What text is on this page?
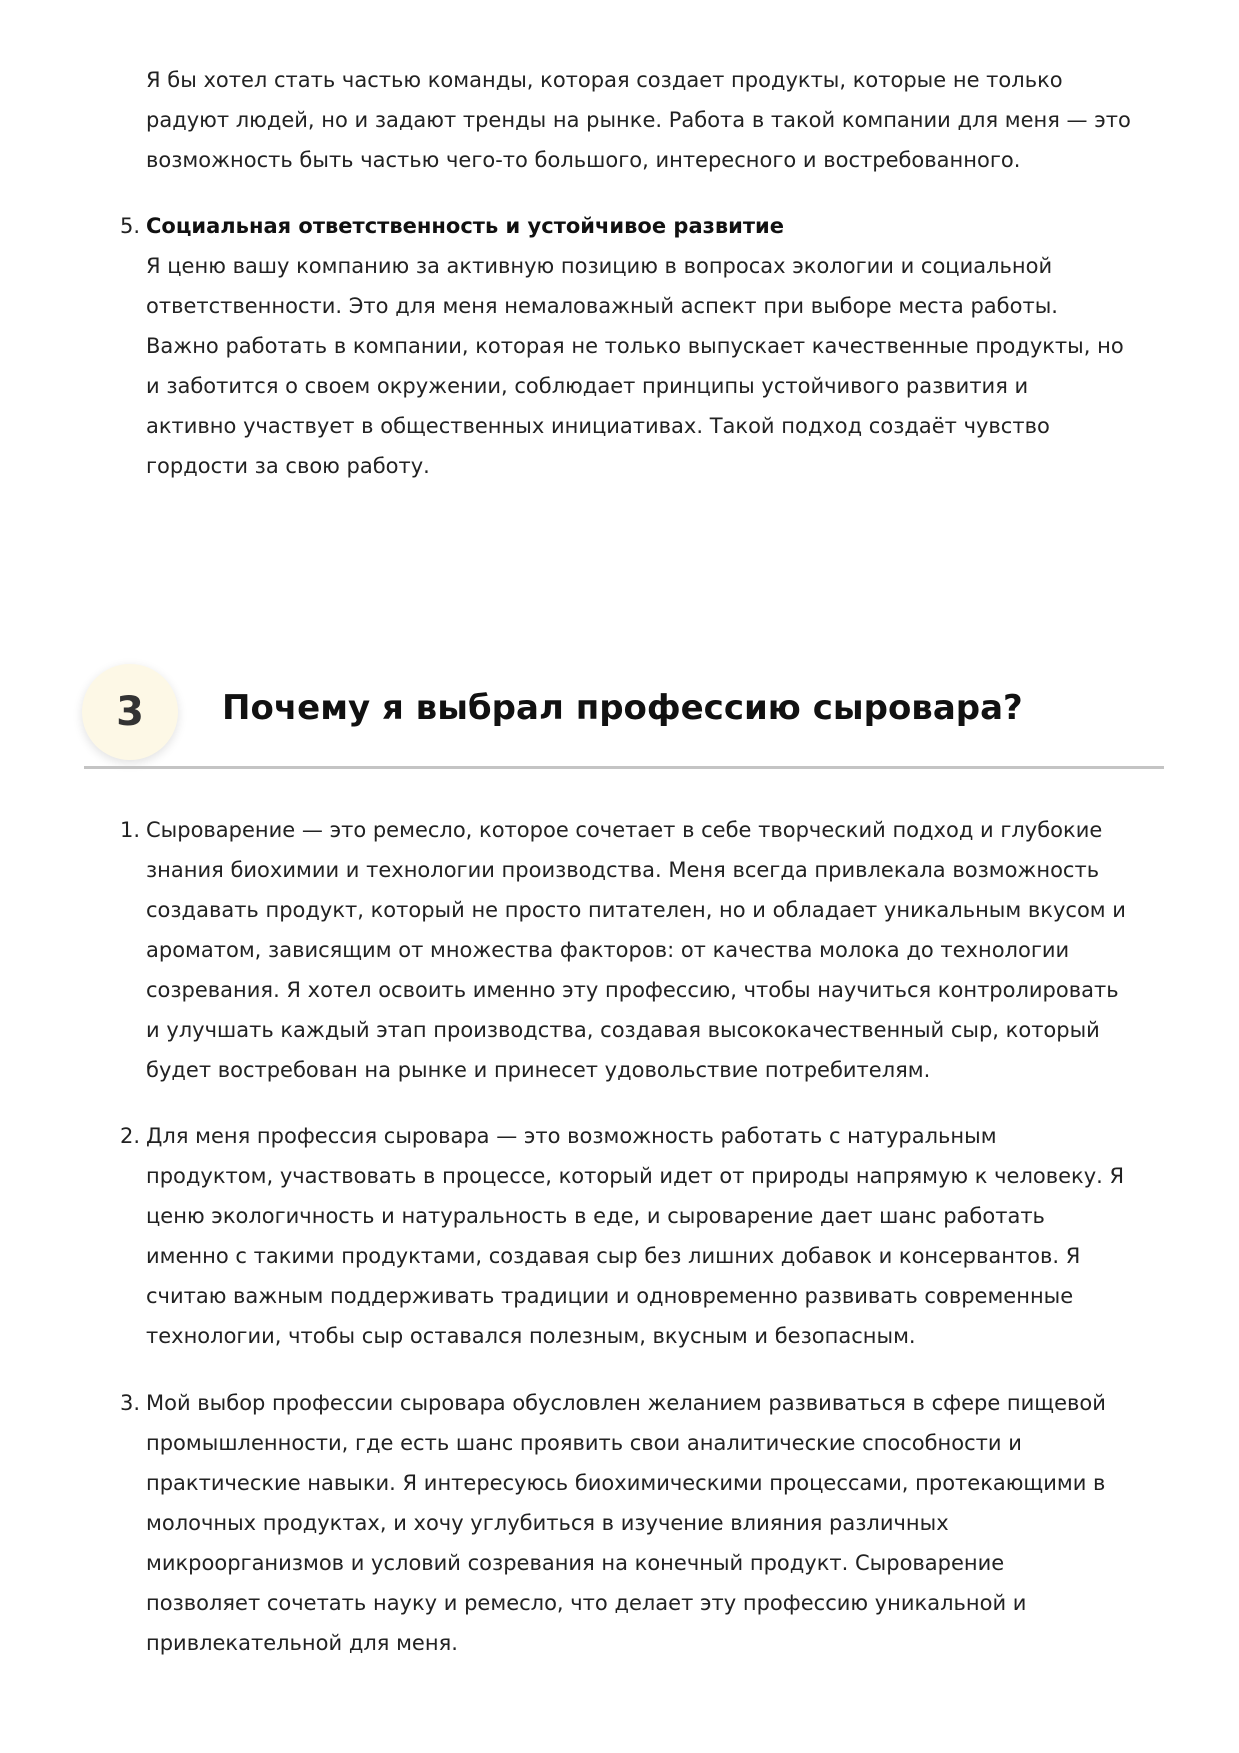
Я бы хотел стать частью команды, которая создает продукты, которые не только
радуют людей, но и задают тренды на рынке. Работа в такой компании для меня — это
возможность быть частью чего-то большого, интересного и востребованного.
5. Социальная ответственность и устойчивое развитие
Я ценю вашу компанию за активную позицию в вопросах экологии и социальной
ответственности. Это для меня немаловажный аспект при выборе места работы.
Важно работать в компании, которая не только выпускает качественные продукты, но
и заботится о своем окружении, соблюдает принципы устойчивого развития и
активно участвует в общественных инициативах. Такой подход создаёт чувство
гордости за свою работу.
3	Почему я выбрал профессию сыровара?
1. Сыроварение — это ремесло, которое сочетает в себе творческий подход и глубокие
знания биохимии и технологии производства. Меня всегда привлекала возможность
создавать продукт, который не просто питателен, но и обладает уникальным вкусом и
ароматом, зависящим от множества факторов: от качества молока до технологии
созревания. Я хотел освоить именно эту профессию, чтобы научиться контролировать
и улучшать каждый этап производства, создавая высококачественный сыр, который
будет востребован на рынке и принесет удовольствие потребителям.
2. Для меня профессия сыровара — это возможность работать с натуральным
продуктом, участвовать в процессе, который идет от природы напрямую к человеку. Я
ценю экологичность и натуральность в еде, и сыроварение дает шанс работать
именно с такими продуктами, создавая сыр без лишних добавок и консервантов. Я
считаю важным поддерживать традиции и одновременно развивать современные
технологии, чтобы сыр оставался полезным, вкусным и безопасным.
3. Мой выбор профессии сыровара обусловлен желанием развиваться в сфере пищевой
промышленности, где есть шанс проявить свои аналитические способности и
практические навыки. Я интересуюсь биохимическими процессами, протекающими в
молочных продуктах, и хочу углубиться в изучение влияния различных
микроорганизмов и условий созревания на конечный продукт. Сыроварение
позволяет сочетать науку и ремесло, что делает эту профессию уникальной и
привлекательной для меня.
